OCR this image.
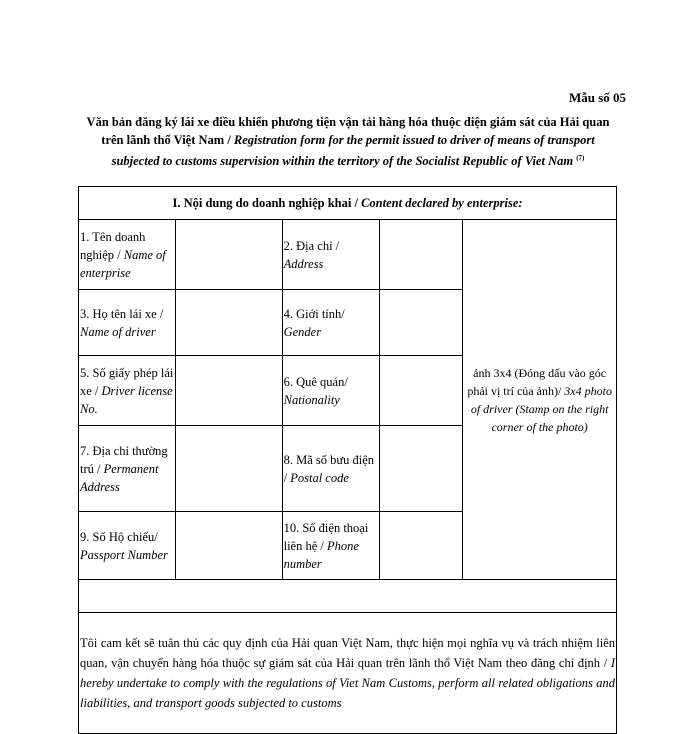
Mẫu số 05
Văn bản đăng ký lái xe điều khiển phương tiện vận tải hàng hóa thuộc diện giám sát của Hải quan trên lãnh thổ Việt Nam / Registration form for the permit issued to driver of means of transport subjected to customs supervision within the territory of the Socialist Republic of Viet Nam $^{(7)}$
I. Nội dung do doanh nghiệp khai / Content declared by enterprise:				
1. Tên doanh nghiệp / Name of enterprise		2. Địa chỉ / Address		ảnh 3x4 (Đóng dấu vào góc phải vị trí của ảnh)/ 3x4 photo of driver (Stamp on the right corner of the photo)
3. Họ tên lái xe / Name of driver		4. Giới tính/ Gender		
5. Số giấy phép lái xe / Driver license No.		6. Quê quán/ Nationality		
7. Địa chỉ thường trú / Permanent Address		8. Mã số bưu điện / Postal code		
9. Số Hộ chiếu/ Passport Number		10. Số điện thoại liên hệ / Phone number		

Tôi cam kết sẽ tuân thủ các quy định của Hải quan Việt Nam, thực hiện mọi nghĩa vụ và trách nhiệm liên quan, vận chuyển hàng hóa thuộc sự giám sát của Hải quan trên lãnh thổ Việt Nam theo đăng chỉ định / I hereby undertake to comply with the regulations of Viet Nam Customs, perform all related obligations and liabilities, and transport goods subjected to customs				
